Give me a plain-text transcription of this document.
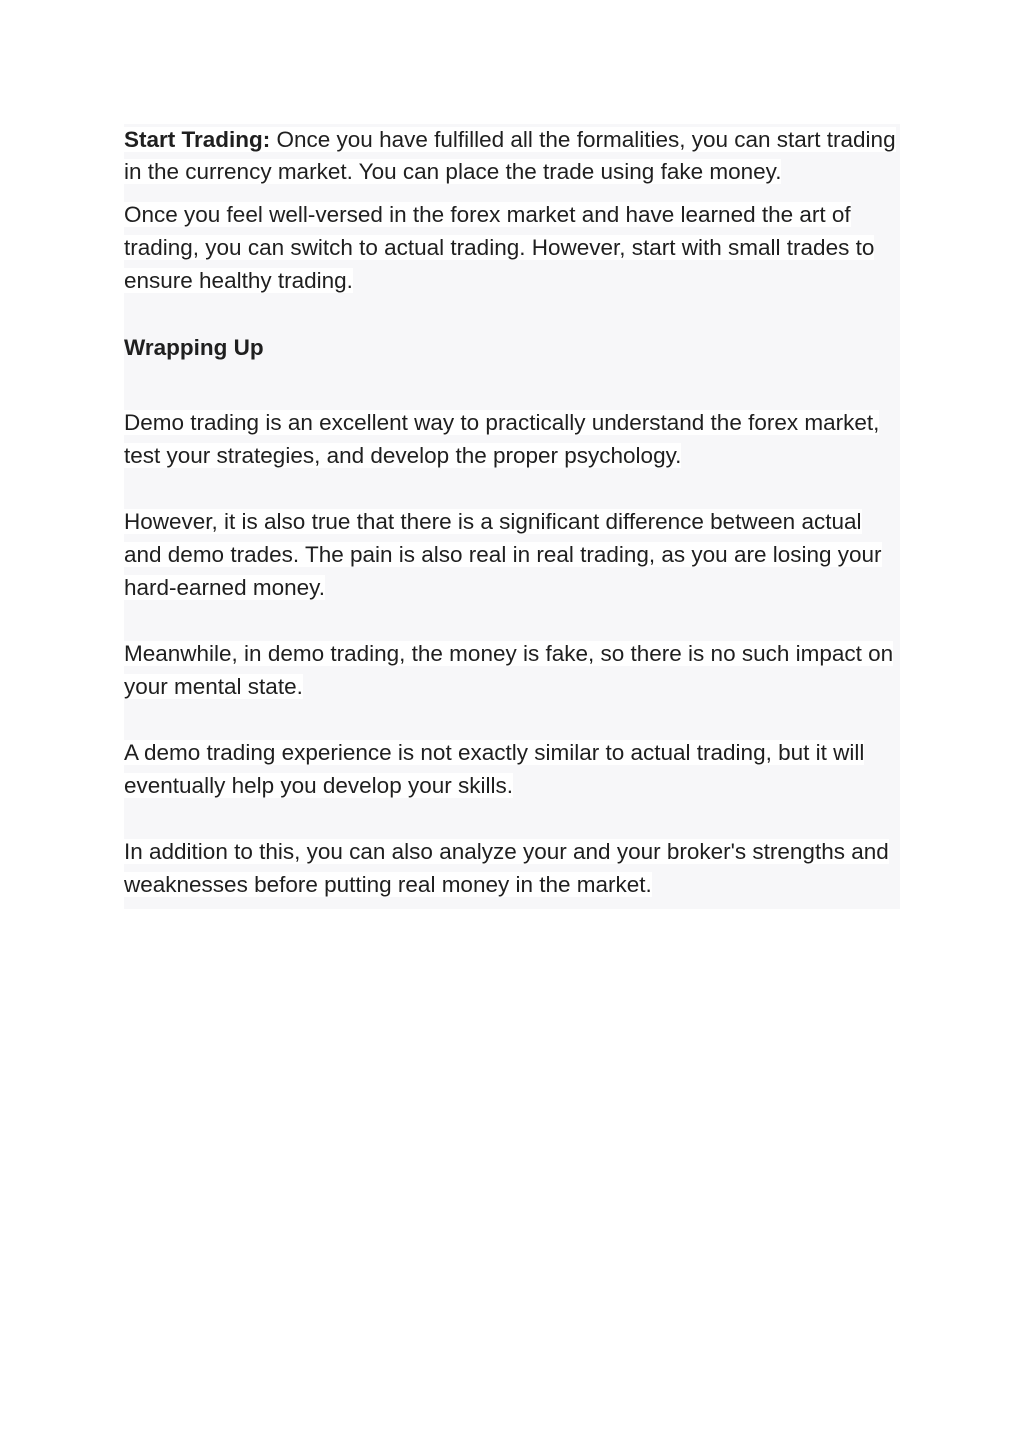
Start Trading: Once you have fulfilled all the formalities, you can start trading in the currency market. You can place the trade using fake money.

Once you feel well-versed in the forex market and have learned the art of trading, you can switch to actual trading. However, start with small trades to ensure healthy trading.

Wrapping Up

Demo trading is an excellent way to practically understand the forex market, test your strategies, and develop the proper psychology.

However, it is also true that there is a significant difference between actual and demo trades. The pain is also real in real trading, as you are losing your hard-earned money.

Meanwhile, in demo trading, the money is fake, so there is no such impact on your mental state.

A demo trading experience is not exactly similar to actual trading, but it will eventually help you develop your skills.

In addition to this, you can also analyze your and your broker's strengths and weaknesses before putting real money in the market.
